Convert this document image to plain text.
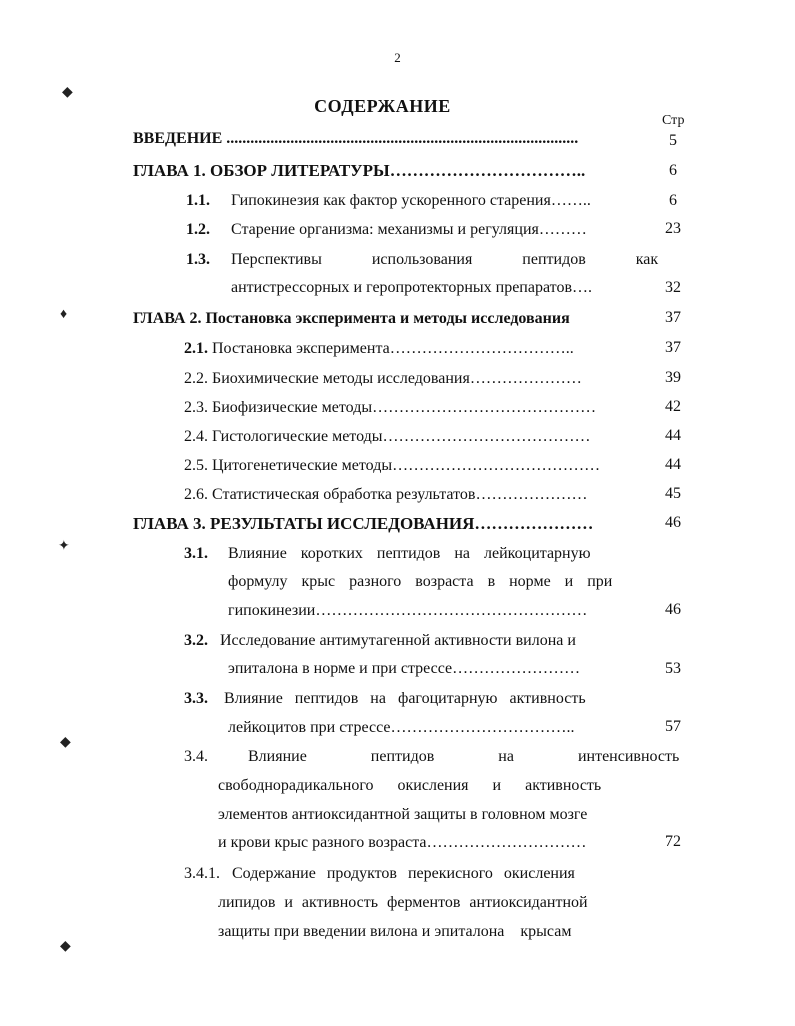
2
СОДЕРЖАНИЕ
Стр
◆
♦
✦
◆
◆
ВВЕДЕНИЕ ........................................................................................	5
ГЛАВА 1. ОБЗОР ЛИТЕРАТУРЫ……………………………..	6
1.1. Гипокинезия как фактор ускоренного старения……..	6
1.2. Старение организма: механизмы и регуляция………	23
1.3. Перспективы использования пептидов как
антистрессорных и геропротекторных препаратов….	32
ГЛАВА 2. Постановка эксперимента и методы исследования	37
2.1. Постановка эксперимента……………………………..	37
2.2. Биохимические методы исследования…………………	39
2.3. Биофизические методы……………………………………	42
2.4. Гистологические методы…………………………………	44
2.5. Цитогенетические методы…………………………………	44
2.6. Статистическая обработка результатов…………………	45
ГЛАВА 3. РЕЗУЛЬТАТЫ ИССЛЕДОВАНИЯ…………………	46
3.1. Влияние коротких пептидов на лейкоцитарную
формулу крыс разного возраста в норме и при
гипокинезии……………………………………………	46
3.2. Исследование антимутагенной активности вилона и
эпиталона в норме и при стрессе……………………	53
3.3. Влияние пептидов на фагоцитарную активность
лейкоцитов при стрессе……………………………..	57
3.4.	Влияние пептидов на интенсивность
свободнорадикального окисления и активность
элементов антиоксидантной защиты в головном мозге
и крови крыс разного возраста…………………………	72
3.4.1. Содержание продуктов перекисного окисления
липидов и активность ферментов антиоксидантной
защиты при введении вилона и эпиталона    крысам
